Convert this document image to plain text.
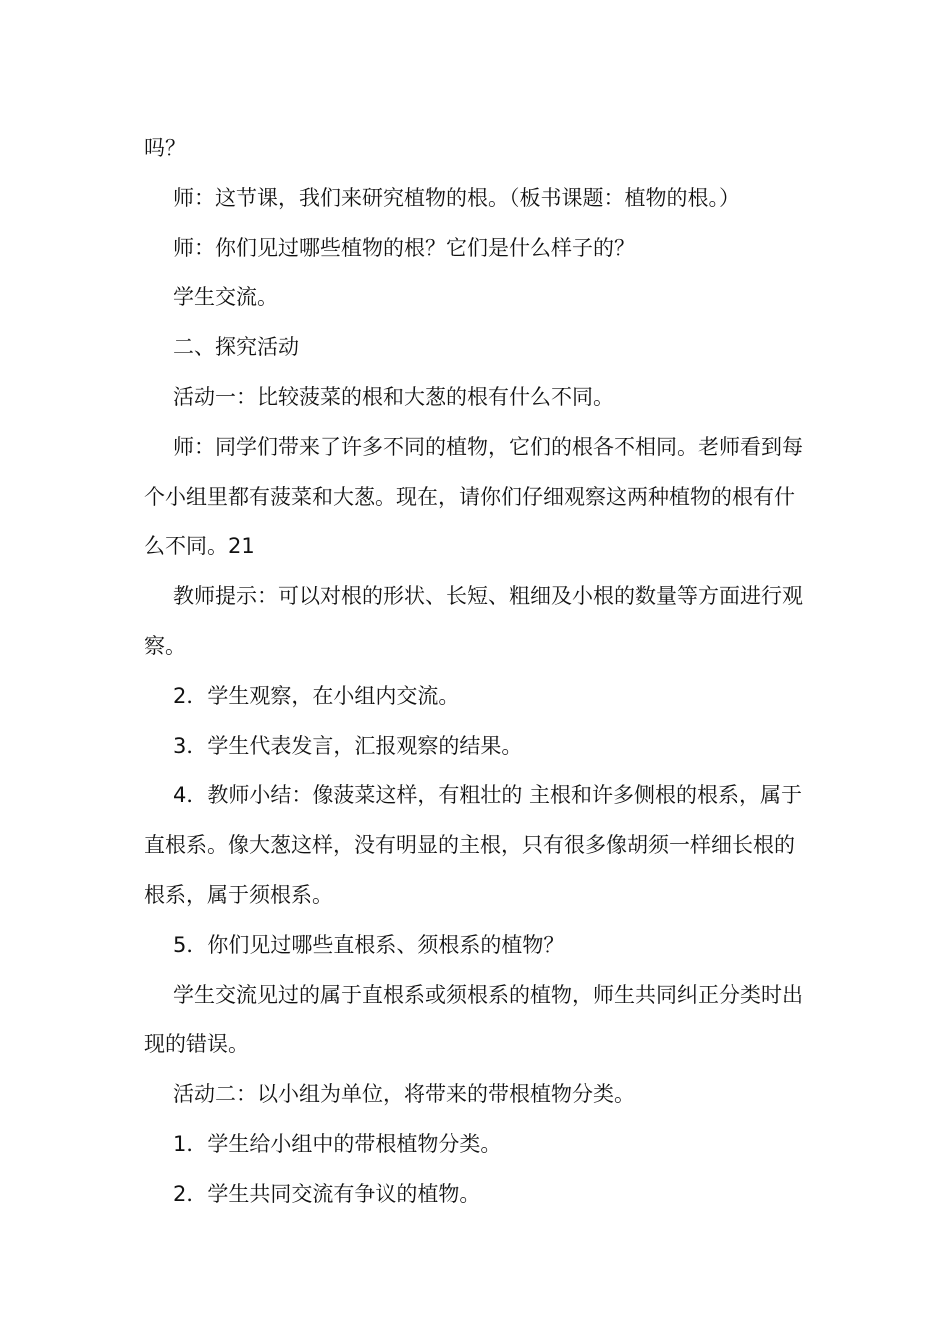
吗？

师：这节课，我们来研究植物的根。（板书课题：植物的根。）

师：你们见过哪些植物的根？它们是什么样子的？

学生交流。

二、探究活动

活动一：比较菠菜的根和大葱的根有什么不同。

师：同学们带来了许多不同的植物，它们的根各不相同。老师看到每个小组里都有菠菜和大葱。现在，请你们仔细观察这两种植物的根有什么不同。21

教师提示：可以对根的形状、长短、粗细及小根的数量等方面进行观察。

2．学生观察，在小组内交流。

3．学生代表发言，汇报观察的结果。

4．教师小结：像菠菜这样，有粗壮的 主根和许多侧根的根系，属于直根系。像大葱这样，没有明显的主根，只有很多像胡须一样细长根的根系，属于须根系。

5．你们见过哪些直根系、须根系的植物？

学生交流见过的属于直根系或须根系的植物，师生共同纠正分类时出现的错误。

活动二：以小组为单位，将带来的带根植物分类。

1．学生给小组中的带根植物分类。

2．学生共同交流有争议的植物。
